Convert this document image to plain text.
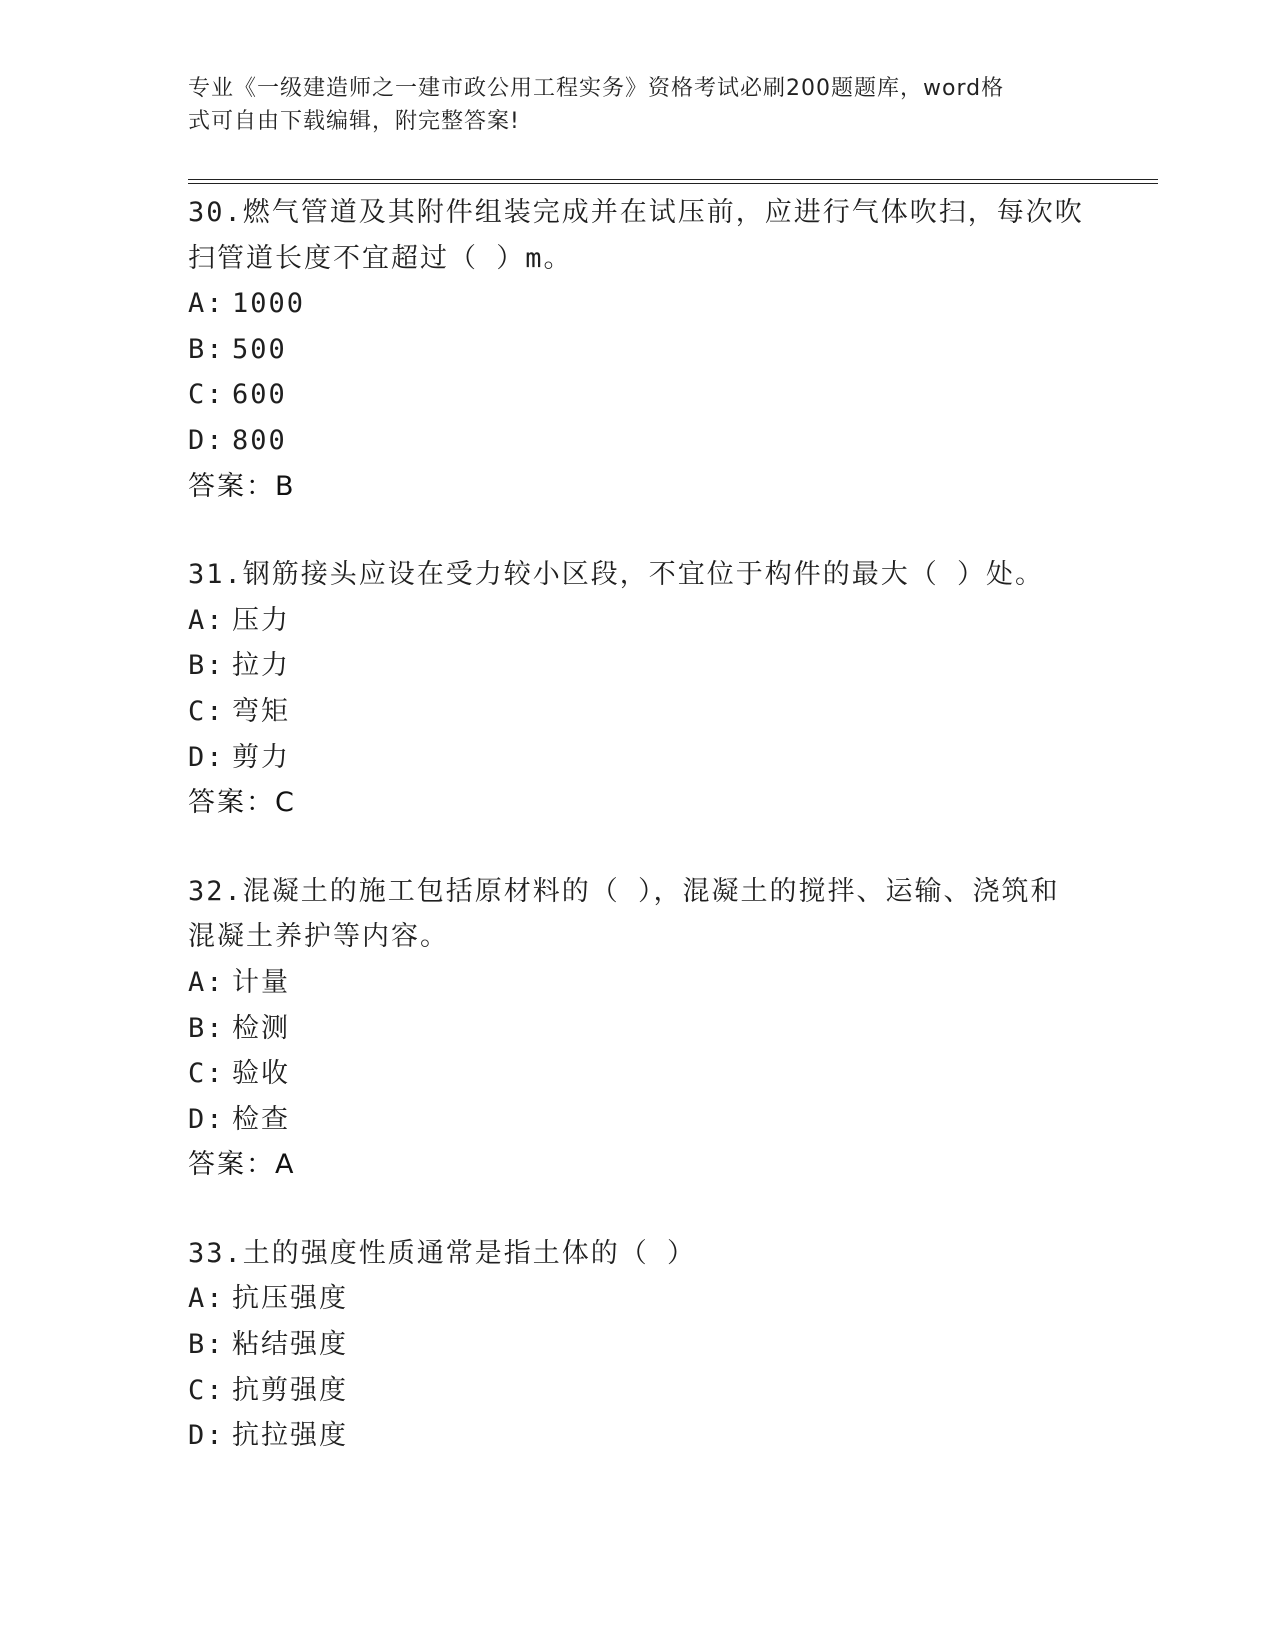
专业《一级建造师之一建市政公用工程实务》资格考试必刷200题题库，word格
式可自由下载编辑，附完整答案!
30.燃气管道及其附件组装完成并在试压前，应进行气体吹扫，每次吹
扫管道长度不宜超过（ ）m。
A: 1000
B: 500
C: 600
D: 800
答案：B
31.钢筋接头应设在受力较小区段，不宜位于构件的最大（ ）处。
A: 压力
B: 拉力
C: 弯矩
D: 剪力
答案：C
32.混凝土的施工包括原材料的（ ），混凝土的搅拌、运输、浇筑和
混凝土养护等内容。
A: 计量
B: 检测
C: 验收
D: 检查
答案：A
33.土的强度性质通常是指土体的（ ）
A: 抗压强度
B: 粘结强度
C: 抗剪强度
D: 抗拉强度
